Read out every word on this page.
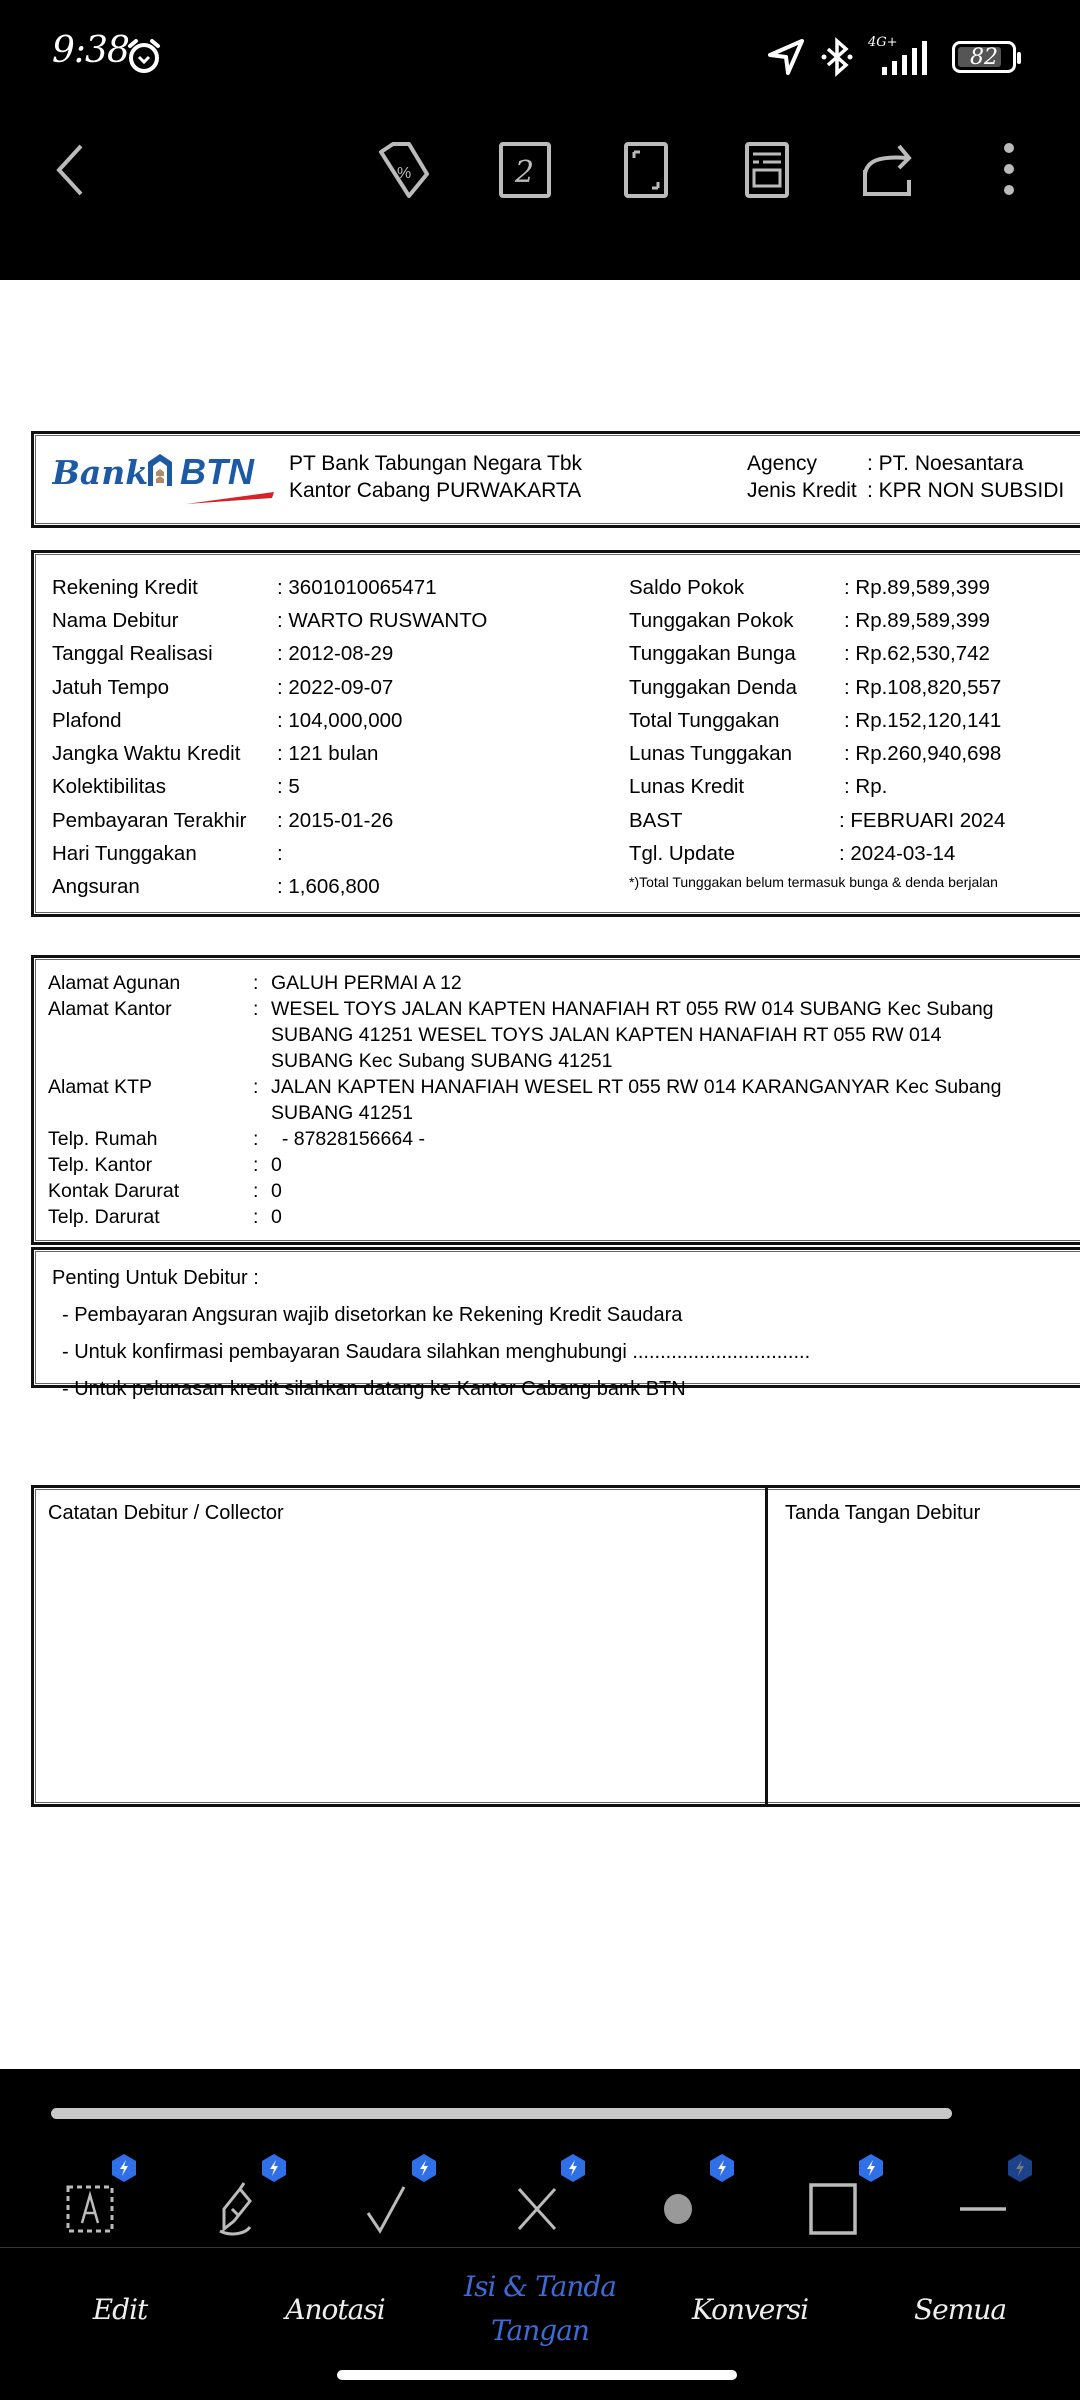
9:38	4G+
82
%	2
Bank BTN PT Bank Tabungan Negara Tbk
Kantor Cabang PURWAKARTA
Agency	: PT. Noesantara
Jenis Kredit : KPR NON SUBSIDI
Rekening Kredit	: 3601010065471
Nama Debitur	: WARTO RUSWANTO
Tanggal Realisasi	: 2012-08-29
Jatuh Tempo	: 2022-09-07
Plafond	: 104,000,000
Jangka Waktu Kredit	: 121 bulan
Kolektibilitas	: 5
Pembayaran Terakhir	: 2015-01-26
Hari Tunggakan	:
Angsuran	: 1,606,800
Saldo Pokok	: Rp.89,589,399
Tunggakan Pokok	: Rp.89,589,399
Tunggakan Bunga	: Rp.62,530,742
Tunggakan Denda	: Rp.108,820,557
Total Tunggakan	: Rp.152,120,141
Lunas Tunggakan	: Rp.260,940,698
Lunas Kredit	: Rp.
BAST	: FEBRUARI 2024
Tgl. Update	: 2024-03-14
*)Total Tunggakan belum termasuk bunga & denda berjalan
Alamat Agunan	: GALUH PERMAI A 12
Alamat Kantor	: WESEL TOYS JALAN KAPTEN HANAFIAH RT 055 RW 014 SUBANG Kec Subang SUBANG 41251 WESEL TOYS JALAN KAPTEN HANAFIAH RT 055 RW 014 SUBANG Kec Subang SUBANG 41251
Alamat KTP	: JALAN KAPTEN HANAFIAH WESEL RT 055 RW 014 KARANGANYAR Kec Subang SUBANG 41251
Telp. Rumah	: - 87828156664 -
Telp. Kantor	: 0
Kontak Darurat	: 0
Telp. Darurat	: 0
Penting Untuk Debitur :
- Pembayaran Angsuran wajib disetorkan ke Rekening Kredit Saudara
- Untuk konfirmasi pembayaran Saudara silahkan menghubungi ................................
- Untuk pelunasan kredit silahkan datang ke Kantor Cabang bank BTN
Catatan Debitur / Collector	Tanda Tangan Debitur
Edit	Anotasi
Isi & Tanda Tangan
Konversi	Semua
